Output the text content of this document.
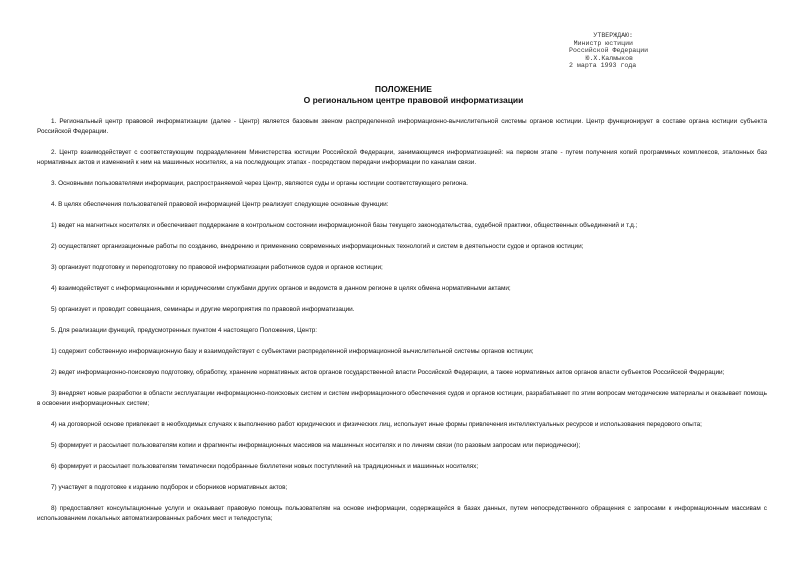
УТВЕРЖДАЮ:
Министр юстиции
Российской Федерации
Ю.Х.Калмыков
2 марта 1993 года
ПОЛОЖЕНИЕ
О региональном центре правовой информатизации

1. Региональный центр правовой информатизации (далее - Центр) является базовым звеном распределенной информационно-вычислительной системы органов юстиции. Центр функционирует в составе органа юстиции субъекта Российской Федерации.

2. Центр взаимодействует с соответствующим подразделением Министерства юстиции Российской Федерации, занимающимся информатизацией: на первом этапе - путем получения копий программных комплексов, эталонных баз нормативных актов и изменений к ним на машинных носителях, а на последующих этапах - посредством передачи информации по каналам связи.

3. Основными пользователями информации, распространяемой через Центр, являются суды и органы юстиции соответствующего региона.

4. В целях обеспечения пользователей правовой информацией Центр реализует следующие основные функции:

1) ведет на магнитных носителях и обеспечивает поддержание в контрольном состоянии информационной базы текущего законодательства, судебной практики, общественных объединений и т.д.;

2) осуществляет организационные работы по созданию, внедрению и применению современных информационных технологий и систем в деятельности судов и органов юстиции;

3) организует подготовку и переподготовку по правовой информатизации работников судов и органов юстиции;

4) взаимодействует с информационными и юридическими службами других органов и ведомств в данном регионе в целях обмена нормативными актами;

5) организует и проводит совещания, семинары и другие мероприятия по правовой информатизации.

5. Для реализации функций, предусмотренных пунктом 4 настоящего Положения, Центр:

1) содержит собственную информационную базу и взаимодействует с субъектами распределенной информационной вычислительной системы органов юстиции;

2) ведет информационно-поисковую подготовку, обработку, хранение нормативных актов органов государственной власти Российской Федерации, а также нормативных актов органов власти субъектов Российской Федерации;

3) внедряет новые разработки в области эксплуатации информационно-поисковых систем и систем информационного обеспечения судов и органов юстиции, разрабатывает по этим вопросам методические материалы и оказывает помощь в освоении информационных систем;

4) на договорной основе привлекает в необходимых случаях к выполнению работ юридических и физических лиц, использует иные формы привлечения интеллектуальных ресурсов и использования передового опыта;

5) формирует и рассылает пользователям копии и фрагменты информационных массивов на машинных носителях и по линиям связи (по разовым запросам или периодически);

6) формирует и рассылает пользователям тематически подобранные бюллетени новых поступлений на традиционных и машинных носителях;

7) участвует в подготовке к изданию подборок и сборников нормативных актов;

8) предоставляет консультационные услуги и оказывает правовую помощь пользователям на основе информации, содержащейся в базах данных, путем непосредственного обращения с запросами к информационным массивам с использованием локальных автоматизированных рабочих мест и теледоступа;
